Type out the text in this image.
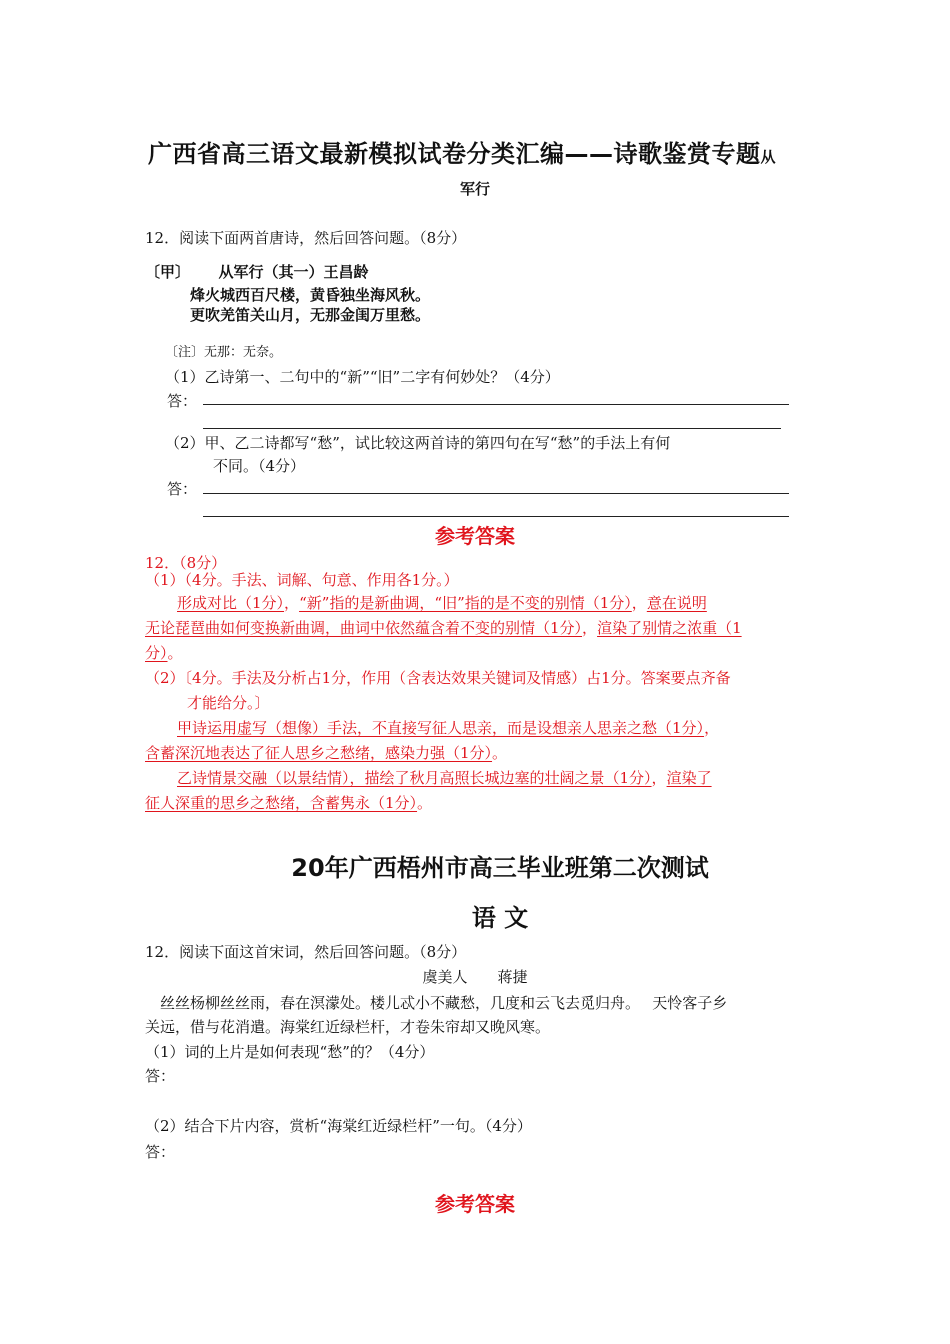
广西省高三语文最新模拟试卷分类汇编——诗歌鉴赏专题从
军行
12．阅读下面两首唐诗，然后回答问题。（8分）
〔甲〕 从军行（其一）王昌龄
烽火城西百尺楼，黄昏独坐海风秋。
更吹羌笛关山月，无那金闺万里愁。
〔注〕无那：无奈。
（1）乙诗第一、二句中的“新”“旧”二字有何妙处？（4分）
答：
（2）甲、乙二诗都写“愁”，试比较这两首诗的第四句在写“愁”的手法上有何
不同。（4分）
答：
参考答案
12．（8分）
（1）（4分。手法、词解、句意、作用各1分。）
形成对比（1分），“新”指的是新曲调，“旧”指的是不变的别情（1分），意在说明
无论琵琶曲如何变换新曲调，曲词中依然蕴含着不变的别情（1分），渲染了别情之浓重（1
分）。
（2）〔4分。手法及分析占1分，作用（含表达效果关键词及情感）占1分。答案要点齐备
才能给分。〕
甲诗运用虚写（想像）手法，不直接写征人思亲，而是设想亲人思亲之愁（1分），
含蓄深沉地表达了征人思乡之愁绪，感染力强（1分）。
乙诗情景交融（以景结情），描绘了秋月高照长城边塞的壮阔之景（1分），渲染了
征人深重的思乡之愁绪，含蓄隽永（1分）。
20年广西梧州市高三毕业班第二次测试
语 文
12．阅读下面这首宋词，然后回答问题。（8分）
虞美人　　蒋捷
丝丝杨柳丝丝雨，春在溟濛处。楼儿忒小不藏愁，几度和云飞去觅归舟。　 天怜客子乡
关远，借与花消遣。海棠红近绿栏杆，才卷朱帘却又晚风寒。
（1）词的上片是如何表现“愁”的？（4分）
答：
（2）结合下片内容，赏析“海棠红近绿栏杆”一句。（4分）
答：
参考答案
